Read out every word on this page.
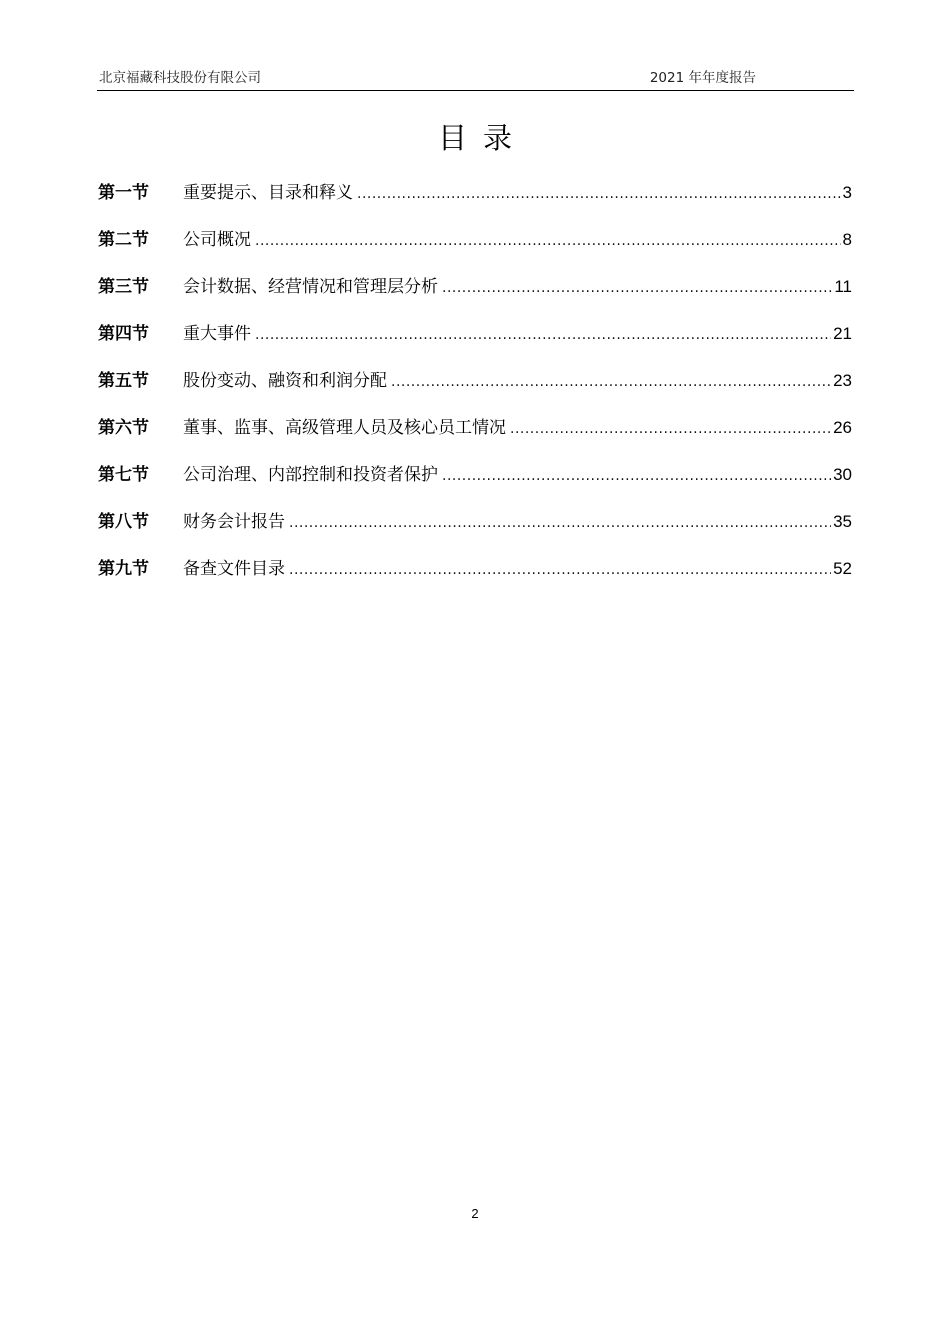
北京福藏科技股份有限公司	2021 年年度报告
目录
第一节	重要提示、目录和释义 .....	3
第二节	公司概况 .....	8
第三节	会计数据、经营情况和管理层分析 .....	11
第四节	重大事件 .....	21
第五节	股份变动、融资和利润分配 .....	23
第六节	董事、监事、高级管理人员及核心员工情况 .....	26
第七节	公司治理、内部控制和投资者保护 .....	30
第八节	财务会计报告 .....	35
第九节	备查文件目录 .....	52
2
